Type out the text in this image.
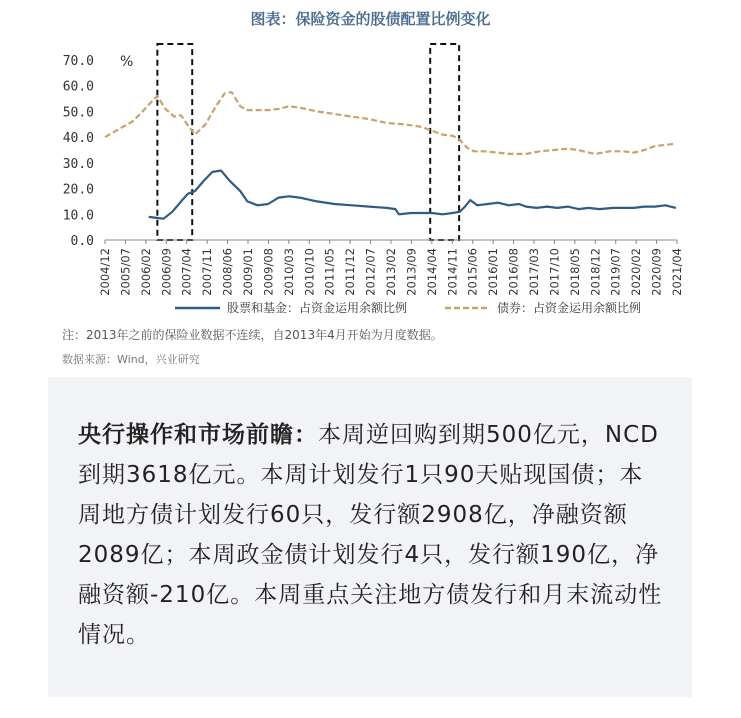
图表：保险资金的股债配置比例变化
0.0
10.0
20.0
30.0
40.0
50.0
60.0
70.0 %
2004/12 2005/07 2006/02 2006/09 2007/04 2007/11 2008/06 2009/01 2009/08 2010/03 2010/10 2011/05 2011/12 2012/07 2013/02 2013/09 2014/04 2014/11 2015/06 2016/01 2016/08 2017/03 2017/10 2018/05 2018/12 2019/07 2020/02 2020/09 2021/04
股票和基金：占资金运用余额比例	债券：占资金运用余额比例
注：2013年之前的保险业数据不连续，自2013年4月开始为月度数据。
数据来源：Wind，兴业研究

央行操作和市场前瞻：本周逆回购到期500亿元，NCD到期3618亿元。本周计划发行1只90天贴现国债；本周地方债计划发行60只，发行额2908亿，净融资额2089亿；本周政金债计划发行4只，发行额190亿，净融资额-210亿。本周重点关注地方债发行和月末流动性情况。
